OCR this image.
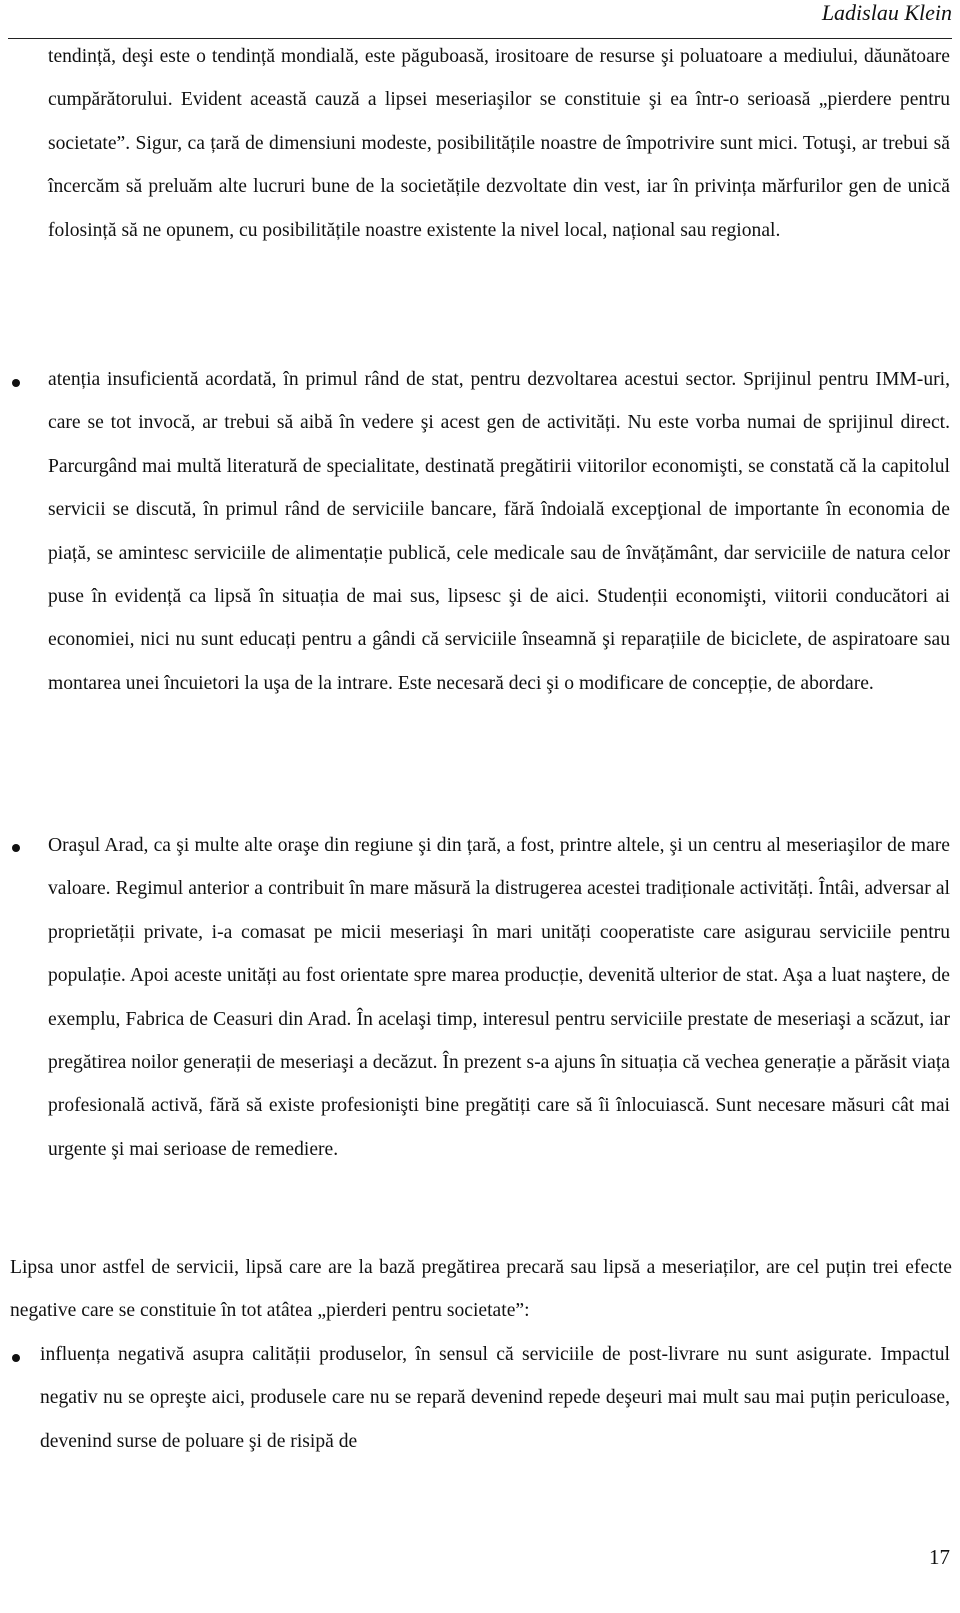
Ladislau Klein

tendință, deşi este o tendință mondială, este păguboasă, irositoare de resurse şi poluatoare a mediului, dăunătoare cumpărătorului. Evident această cauză a lipsei meseriaşilor se constituie şi ea într-o serioasă „pierdere pentru societate”. Sigur, ca țară de dimensiuni modeste, posibilitățile noastre de împotrivire sunt mici. Totuşi, ar trebui să încercăm să preluăm alte lucruri bune de la societățile dezvoltate din vest, iar în privința mărfurilor gen de unică folosință să ne opunem, cu posibilitățile noastre existente la nivel local, național sau regional.

atenția insuficientă acordată, în primul rând de stat, pentru dezvoltarea acestui sector. Sprijinul pentru IMM-uri, care se tot invocă, ar trebui să aibă în vedere şi acest gen de activități. Nu este vorba numai de sprijinul direct. Parcurgând mai multă literatură de specialitate, destinată pregătirii viitorilor economişti, se constată că la capitolul servicii se discută, în primul rând de serviciile bancare, fără îndoială excepţional de importante în economia de piață, se amintesc serviciile de alimentație publică, cele medicale sau de învățământ, dar serviciile de natura celor puse în evidență ca lipsă în situația de mai sus, lipsesc şi de aici. Studenții economişti, viitorii conducători ai economiei, nici nu sunt educați pentru a gândi că serviciile înseamnă şi reparațiile de biciclete, de aspiratoare sau montarea unei încuietori la uşa de la intrare. Este necesară deci şi o modificare de concepție, de abordare.

Oraşul Arad, ca şi multe alte oraşe din regiune şi din țară, a fost, printre altele, şi un centru al meseriaşilor de mare valoare. Regimul anterior a contribuit în mare măsură la distrugerea acestei tradiționale activități. Întâi, adversar al proprietății private, i-a comasat pe micii meseriaşi în mari unități cooperatiste care asigurau serviciile pentru populație. Apoi aceste unități au fost orientate spre marea producție, devenită ulterior de stat. Aşa a luat naştere, de exemplu, Fabrica de Ceasuri din Arad. În acelaşi timp, interesul pentru serviciile prestate de meseriaşi a scăzut, iar pregătirea noilor generații de meseriaşi a decăzut. În prezent s-a ajuns în situația că vechea generație a părăsit viața profesională activă, fără să existe profesionişti bine pregătiți care să îi înlocuiască. Sunt necesare măsuri cât mai urgente şi mai serioase de remediere.

Lipsa unor astfel de servicii, lipsă care are la bază pregătirea precară sau lipsă a meseriaților, are cel puțin trei efecte negative care se constituie în tot atâtea „pierderi pentru societate”:

influența negativă asupra calității produselor, în sensul că serviciile de post-livrare nu sunt asigurate. Impactul negativ nu se opreşte aici, produsele care nu se repară devenind repede deşeuri mai mult sau mai puțin periculoase, devenind surse de poluare şi de risipă de

17
